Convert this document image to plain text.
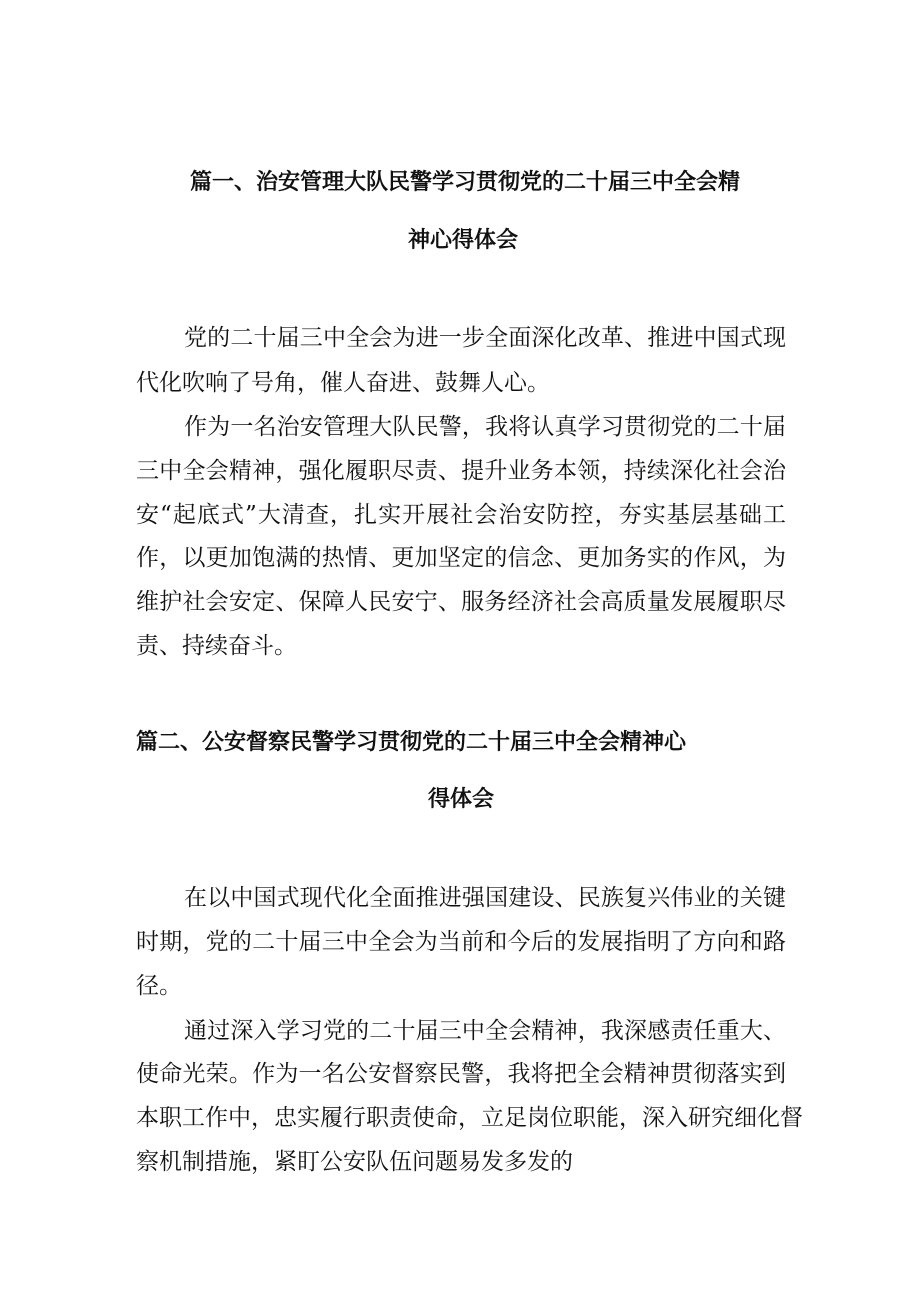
篇一、治安管理大队民警学习贯彻党的二十届三中全会精
神心得体会
党的二十届三中全会为进一步全面深化改革、推进中国式现
代化吹响了号角，催人奋进、鼓舞人心。
作为一名治安管理大队民警，我将认真学习贯彻党的二十届
三中全会精神，强化履职尽责、提升业务本领，持续深化社会治
安“起底式”大清查，扎实开展社会治安防控，夯实基层基础工
作，以更加饱满的热情、更加坚定的信念、更加务实的作风，为
维护社会安定、保障人民安宁、服务经济社会高质量发展履职尽
责、持续奋斗。
篇二、公安督察民警学习贯彻党的二十届三中全会精神心
得体会
在以中国式现代化全面推进强国建设、民族复兴伟业的关键
时期，党的二十届三中全会为当前和今后的发展指明了方向和路
径。
通过深入学习党的二十届三中全会精神，我深感责任重大、
使命光荣。作为一名公安督察民警，我将把全会精神贯彻落实到
本职工作中，忠实履行职责使命，立足岗位职能，深入研究细化督
察机制措施，紧盯公安队伍问题易发多发的
